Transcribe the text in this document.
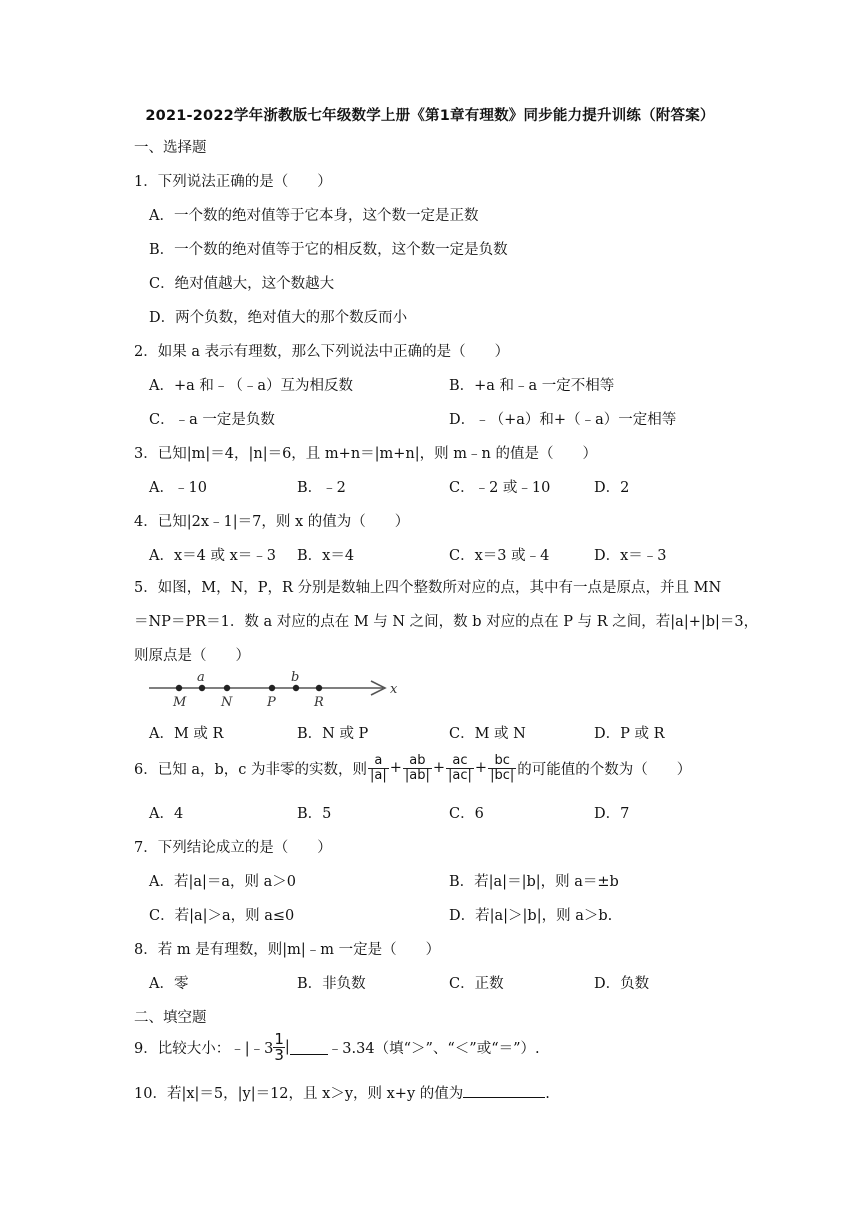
2021-2022学年浙教版七年级数学上册《第1章有理数》同步能力提升训练（附答案）
一、选择题
1．下列说法正确的是（　　）
A．一个数的绝对值等于它本身，这个数一定是正数
B．一个数的绝对值等于它的相反数，这个数一定是负数
C．绝对值越大，这个数越大
D．两个负数，绝对值大的那个数反而小
2．如果 a 表示有理数，那么下列说法中正确的是（　　）
A．+a 和﹣（﹣a）互为相反数	B．+a 和﹣a 一定不相等
C．﹣a 一定是负数	D．﹣（+a）和+（﹣a）一定相等
3．已知|m|＝4，|n|＝6，且 m+n＝|m+n|，则 m﹣n 的值是（　　）
A．﹣10	B．﹣2	C．﹣2 或﹣10	D．2
4．已知|2x﹣1|＝7，则 x 的值为（　　）
A．x＝4 或 x＝﹣3 B．x＝4	C．x＝3 或﹣4	D．x＝﹣3
5．如图，M，N，P，R 分别是数轴上四个整数所对应的点，其中有一点是原点，并且 MN
＝NP＝PR＝1．数 a 对应的点在 M 与 N 之间，数 b 对应的点在 P 与 R 之间，若|a|+|b|＝3，
则原点是（　　）
x
M
a
N	P
b
R
A．M 或 R	B．N 或 P	C．M 或 N	D．P 或 R
6．已知 a，b，c 为非零的实数，则 $\frac{a}{|a|} + \frac{ab}{|ab|} + \frac{ac}{|ac|} + \frac{bc}{|bc|}$ 的可能值的个数为（　　）
A．4	B．5	C．6	D．7
7．下列结论成立的是（　　）
A．若|a|＝a，则 a＞0	B．若|a|＝|b|，则 a＝±b
C．若|a|＞a，则 a≤0	D．若|a|＞|b|，则 a＞b.
8．若 m 是有理数，则|m|﹣m 一定是（　　）
A．零	B．非负数	C．正数	D．负数
二、填空题
9．比较大小：﹣|﹣3 $\frac{1}{3}$ |	﹣3.34（填“＞”、“＜”或“＝”）.
10．若|x|＝5，|y|＝12，且 x＞y，则 x+y 的值为	.
